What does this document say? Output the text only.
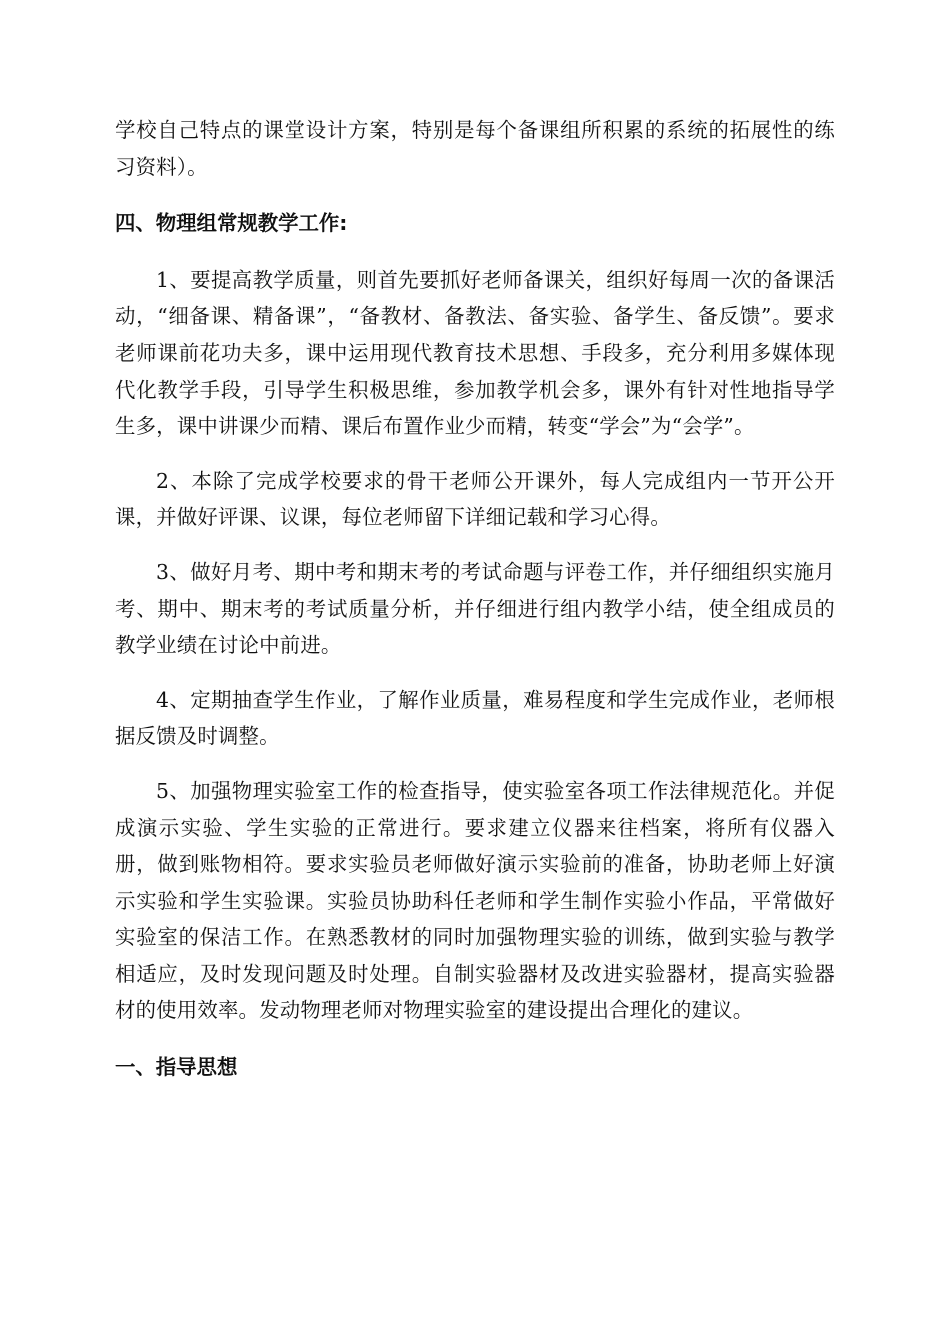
学校自己特点的课堂设计方案，特别是每个备课组所积累的系统的拓展性的练习资料）。

四、物理组常规教学工作:

1、要提高教学质量，则首先要抓好老师备课关，组织好每周一次的备课活动，“细备课、精备课”，“备教材、备教法、备实验、备学生、备反馈”。要求老师课前花功夫多，课中运用现代教育技术思想、手段多，充分利用多媒体现代化教学手段，引导学生积极思维，参加教学机会多，课外有针对性地指导学生多，课中讲课少而精、课后布置作业少而精，转变“学会”为“会学”。

2、本除了完成学校要求的骨干老师公开课外，每人完成组内一节开公开课，并做好评课、议课，每位老师留下详细记载和学习心得。

3、做好月考、期中考和期末考的考试命题与评卷工作，并仔细组织实施月考、期中、期末考的考试质量分析，并仔细进行组内教学小结，使全组成员的教学业绩在讨论中前进。

4、定期抽查学生作业，了解作业质量，难易程度和学生完成作业，老师根据反馈及时调整。

5、加强物理实验室工作的检查指导，使实验室各项工作法律规范化。并促成演示实验、学生实验的正常进行。要求建立仪器来往档案，将所有仪器入册，做到账物相符。要求实验员老师做好演示实验前的准备，协助老师上好演示实验和学生实验课。实验员协助科任老师和学生制作实验小作品，平常做好实验室的保洁工作。在熟悉教材的同时加强物理实验的训练，做到实验与教学相适应，及时发现问题及时处理。自制实验器材及改进实验器材，提高实验器材的使用效率。发动物理老师对物理实验室的建设提出合理化的建议。

一、指导思想
